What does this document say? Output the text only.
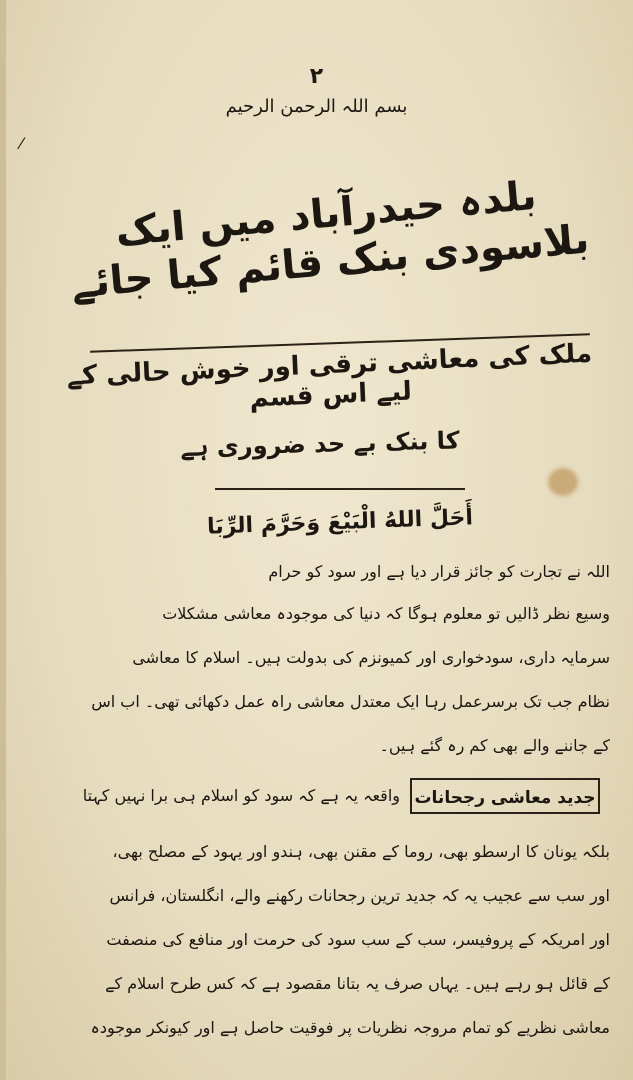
⁄
۲
بسم اللہ الرحمن الرحیم
بلدہ حیدرآباد میں ایک بلاسودی بنک قائم کیا جائے
ملک کی معاشی ترقی اور خوش حالی کے لیے اس قسم
کا بنک بے حد ضروری ہے
أَحَلَّ اللهُ الْبَيْعَ وَحَرَّمَ الرِّبَا
اللہ نے تجارت کو جائز قرار دیا ہے اور سود کو حرام
وسیع نظر ڈالیں تو معلوم ہوگا کہ دنیا کی موجودہ معاشی مشکلات
سرمایہ داری، سودخواری اور کمیونزم کی بدولت ہیں۔ اسلام کا معاشی
نظام جب تک برسرعمل رہا ایک معتدل معاشی راہ عمل دکھائی تھی۔ اب اس
کے جاننے والے بھی کم رہ گئے ہیں۔
جدید معاشی رجحانات
واقعہ یہ ہے کہ سود کو اسلام ہی برا نہیں کہتا
بلکہ یونان کا ارسطو بھی، روما کے مقنن بھی، ہندو اور یہود کے مصلح بھی،
اور سب سے عجیب یہ کہ جدید ترین رجحانات رکھنے والے، انگلستان، فرانس
اور امریکہ کے پروفیسر، سب کے سب سود کی حرمت اور منافع کی منصفت
کے قائل ہو رہے ہیں۔ یہاں صرف یہ بتانا مقصود ہے کہ کس طرح اسلام کے
معاشی نظریے کو تمام مروجہ نظریات پر فوقیت حاصل ہے اور کیونکر موجودہ
